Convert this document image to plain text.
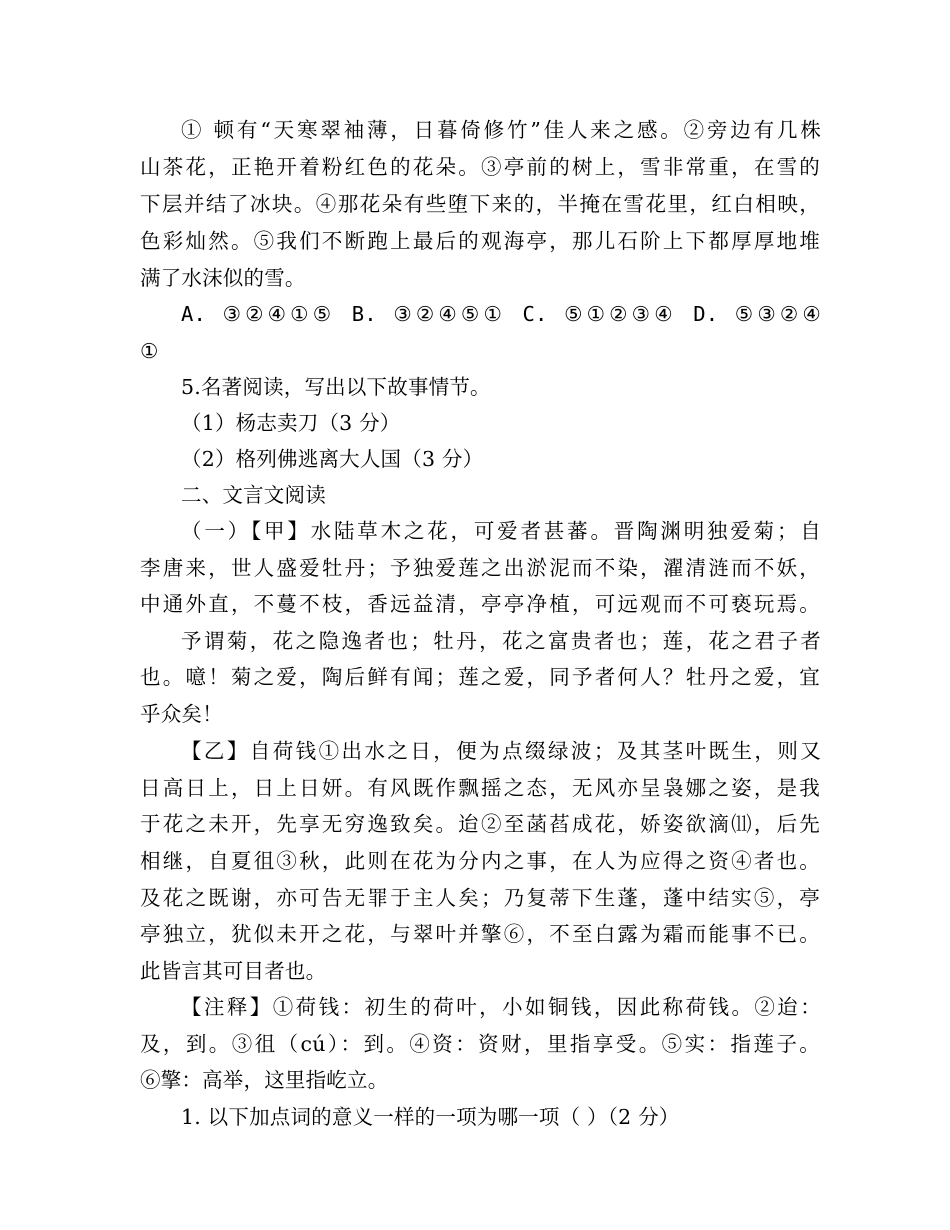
① 顿有“天寒翠袖薄，日暮倚修竹”佳人来之感。②旁边有几株
山茶花，正艳开着粉红色的花朵。③亭前的树上，雪非常重，在雪的
下层并结了冰块。④那花朵有些堕下来的，半掩在雪花里，红白相映，
色彩灿然。⑤我们不断跑上最后的观海亭，那儿石阶上下都厚厚地堆
满了水沫似的雪。
A. ③②④①⑤ B. ③②④⑤① C. ⑤①②③④ D. ⑤③②④
①
5.名著阅读，写出以下故事情节。
（1）杨志卖刀（3 分）
（2）格列佛逃离大人国（3 分）
二、文言文阅读
（一）【甲】水陆草木之花，可爱者甚蕃。晋陶渊明独爱菊；自
李唐来，世人盛爱牡丹；予独爱莲之出淤泥而不染，濯清涟而不妖，
中通外直，不蔓不枝，香远益清，亭亭净植，可远观而不可亵玩焉。
予谓菊，花之隐逸者也；牡丹，花之富贵者也；莲，花之君子者
也。噫！菊之爱，陶后鲜有闻；莲之爱，同予者何人？牡丹之爱，宜
乎众矣！
【乙】自荷钱①出水之日，便为点缀绿波；及其茎叶既生，则又
日高日上，日上日妍。有风既作飘摇之态，无风亦呈袅娜之姿，是我
于花之未开，先享无穷逸致矣。迨②至菡萏成花，娇姿欲滴⑾，后先
相继，自夏徂③秋，此则在花为分内之事，在人为应得之资④者也。
及花之既谢，亦可告无罪于主人矣；乃复蒂下生蓬，蓬中结实⑤，亭
亭独立，犹似未开之花，与翠叶并擎⑥，不至白露为霜而能事不已。
此皆言其可目者也。
【注释】①荷钱：初生的荷叶，小如铜钱，因此称荷钱。②迨：
及，到。③徂（cú）：到。④资：资财，里指享受。⑤实：指莲子。
⑥擎：高举，这里指屹立。
1. 以下加点词的意义一样的一项为哪一项（ ）（2 分）
